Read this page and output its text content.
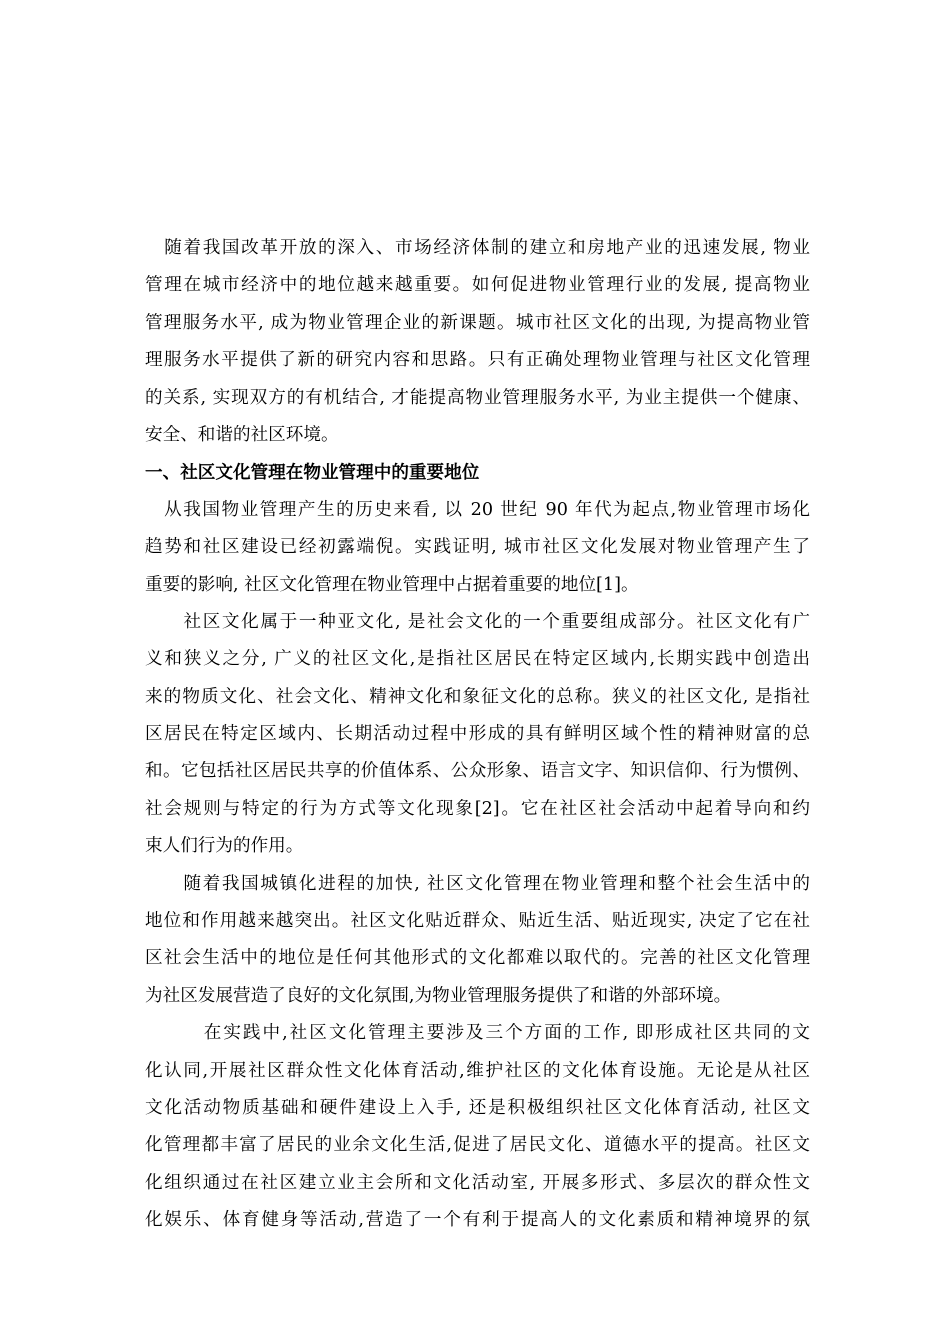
　随着我国改革开放的深入、市场经济体制的建立和房地产业的迅速发展, 物业
管理在城市经济中的地位越来越重要。如何促进物业管理行业的发展, 提高物业
管理服务水平, 成为物业管理企业的新课题。城市社区文化的出现, 为提高物业管
理服务水平提供了新的研究内容和思路。只有正确处理物业管理与社区文化管理
的关系, 实现双方的有机结合, 才能提高物业管理服务水平, 为业主提供一个健康、
安全、和谐的社区环境。
一、社区文化管理在物业管理中的重要地位
　从我国物业管理产生的历史来看, 以 20 世纪 90 年代为起点,物业管理市场化
趋势和社区建设已经初露端倪。实践证明, 城市社区文化发展对物业管理产生了
重要的影响, 社区文化管理在物业管理中占据着重要的地位[1]。
　　社区文化属于一种亚文化, 是社会文化的一个重要组成部分。社区文化有广
义和狭义之分, 广义的社区文化,是指社区居民在特定区域内,长期实践中创造出
来的物质文化、社会文化、精神文化和象征文化的总称。狭义的社区文化, 是指社
区居民在特定区域内、长期活动过程中形成的具有鲜明区域个性的精神财富的总
和。它包括社区居民共享的价值体系、公众形象、语言文字、知识信仰、行为惯例、
社会规则与特定的行为方式等文化现象[2]。它在社区社会活动中起着导向和约
束人们行为的作用。
　　随着我国城镇化进程的加快, 社区文化管理在物业管理和整个社会生活中的
地位和作用越来越突出。社区文化贴近群众、贴近生活、贴近现实, 决定了它在社
区社会生活中的地位是任何其他形式的文化都难以取代的。完善的社区文化管理
为社区发展营造了良好的文化氛围,为物业管理服务提供了和谐的外部环境。
　　　在实践中,社区文化管理主要涉及三个方面的工作, 即形成社区共同的文
化认同,开展社区群众性文化体育活动,维护社区的文化体育设施。无论是从社区
文化活动物质基础和硬件建设上入手, 还是积极组织社区文化体育活动, 社区文
化管理都丰富了居民的业余文化生活,促进了居民文化、道德水平的提高。社区文
化组织通过在社区建立业主会所和文化活动室, 开展多形式、多层次的群众性文
化娱乐、体育健身等活动,营造了一个有利于提高人的文化素质和精神境界的氛
